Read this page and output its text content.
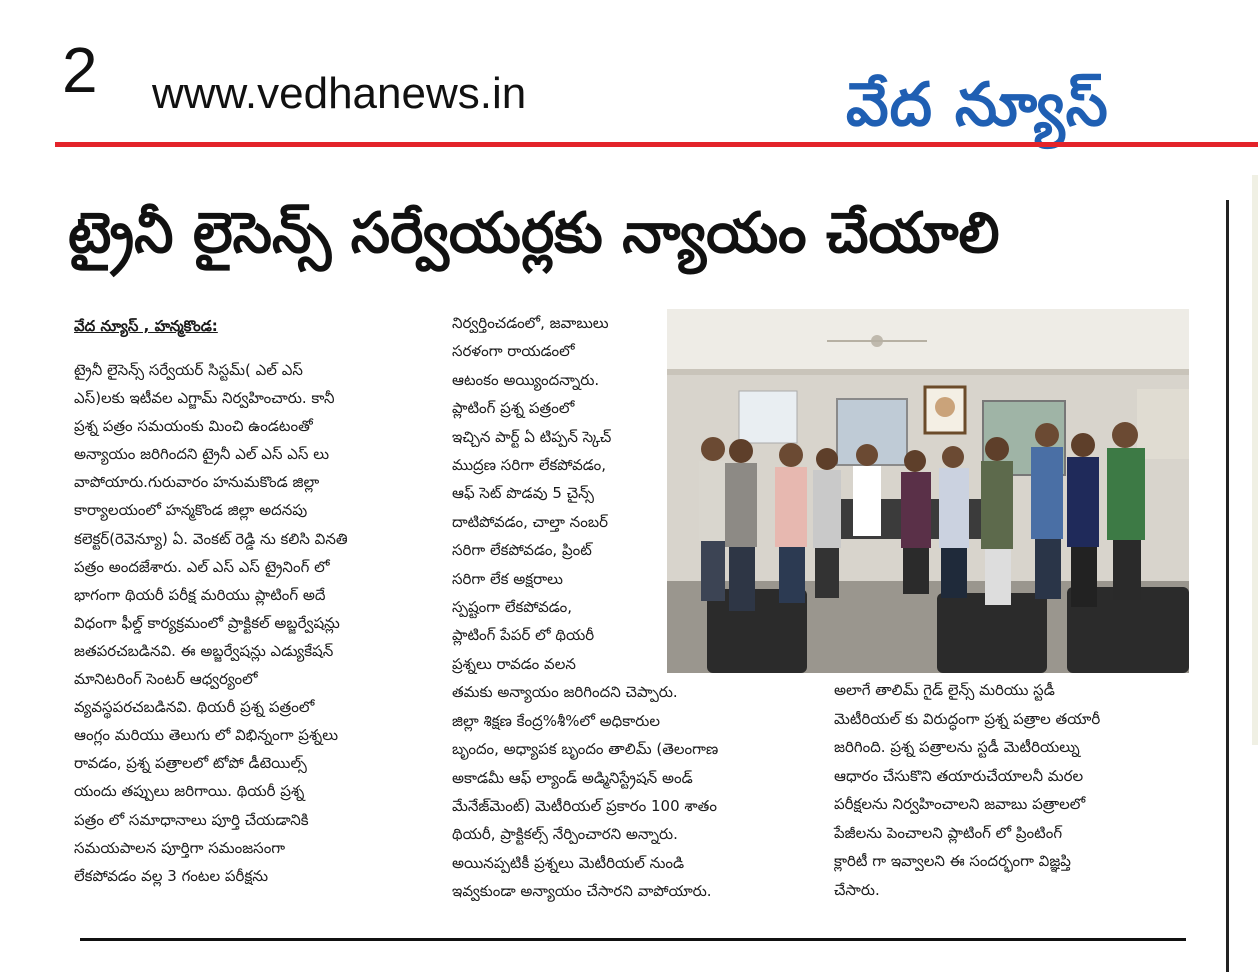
2 www.vedhanews.in	వేద న్యూస్
ట్రైనీ లైసెన్స్ సర్వేయర్లకు న్యాయం చేయాలి
వేద న్యూస్ , హన్మకొండ:

ట్రైనీ లైసెన్స్ సర్వేయర్ సిస్టమ్( ఎల్ ఎస్

ఎస్)లకు ఇటీవల ఎగ్జామ్ నిర్వహించారు. కానీ

ప్రశ్న పత్రం సమయంకు మించి ఉండటంతో

అన్యాయం జరిగిందని ట్రైనీ ఎల్ ఎస్ ఎస్ లు

వాపోయారు.గురువారం హనుమకొండ జిల్లా

కార్యాలయంలో హన్మకొండ జిల్లా అదనపు

కలెక్టర్(రెవెన్యూ) ఏ. వెంకట్ రెడ్డి ను కలిసి వినతి

పత్రం అందజేశారు. ఎల్ ఎస్ ఎస్ ట్రైనింగ్ లో

భాగంగా థియరీ పరీక్ష మరియు ప్లాటింగ్ అదే

విధంగా ఫీల్డ్ కార్యక్రమంలో ప్రాక్టికల్ అబ్జర్వేషన్లు

జతపరచబడినవి. ఈ అబ్జర్వేషన్లు ఎడ్యుకేషన్

మానిటరింగ్ సెంటర్ ఆధ్వర్యంలో

వ్యవస్థపరచబడినవి. థియరీ ప్రశ్న పత్రంలో

ఆంగ్లం మరియు తెలుగు లో విభిన్నంగా ప్రశ్నలు

రావడం, ప్రశ్న పత్రాలలో టోపో డీటెయిల్స్

యందు తప్పులు జరిగాయి. థియరీ ప్రశ్న

పత్రం లో సమాధానాలు పూర్తి చేయడానికి

సమయపాలన పూర్తిగా సమంజసంగా

లేకపోవడం వల్ల 3 గంటల పరీక్షను

నిర్వర్తించడంలో, జవాబులు

సరళంగా రాయడంలో

ఆటంకం అయ్యిందన్నారు.

ప్లాటింగ్ ప్రశ్న పత్రంలో

ఇచ్చిన పార్ట్ ఏ టిప్పన్ స్కెచ్

ముద్రణ సరిగా లేకపోవడం,

ఆఫ్ సెట్ పొడవు 5 చైన్స్

దాటిపోవడం, చాల్తా నంబర్

సరిగా లేకపోవడం, ప్రింట్

సరిగా లేక అక్షరాలు

స్పష్టంగా లేకపోవడం,

ప్లాటింగ్ పేపర్ లో థియరీ

ప్రశ్నలు రావడం వలన

తమకు అన్యాయం జరిగిందని చెప్పారు.

జిల్లా శిక్షణ కేంద్ర%శీ%లో అధికారుల

బృందం, అధ్యాపక బృందం తాలిమ్ (తెలంగాణ

అకాడమీ ఆఫ్ ల్యాండ్ అడ్మినిస్ట్రేషన్ అండ్

మేనేజ్‌మెంట్) మెటీరియల్ ప్రకారం 100 శాతం

థియరీ, ప్రాక్టికల్స్ నేర్పించారని అన్నారు.

అయినప్పటికీ ప్రశ్నలు మెటీరియల్ నుండి

ఇవ్వకుండా అన్యాయం చేసారని వాపోయారు.

అలాగే తాలిమ్ గైడ్ లైన్స్ మరియు స్టడీ

మెటీరియల్ కు విరుద్ధంగా ప్రశ్న పత్రాల తయారీ

జరిగింది. ప్రశ్న పత్రాలను స్టడీ మెటీరియల్ను

ఆధారం చేసుకొని తయారుచేయాలనీ మరల

పరీక్షలను నిర్వహించాలని జవాబు పత్రాలలో

పేజీలను పెంచాలని ప్లాటింగ్ లో ప్రింటింగ్

క్లారిటీ గా ఇవ్వాలని ఈ సందర్భంగా విజ్ఞప్తి

చేసారు.
